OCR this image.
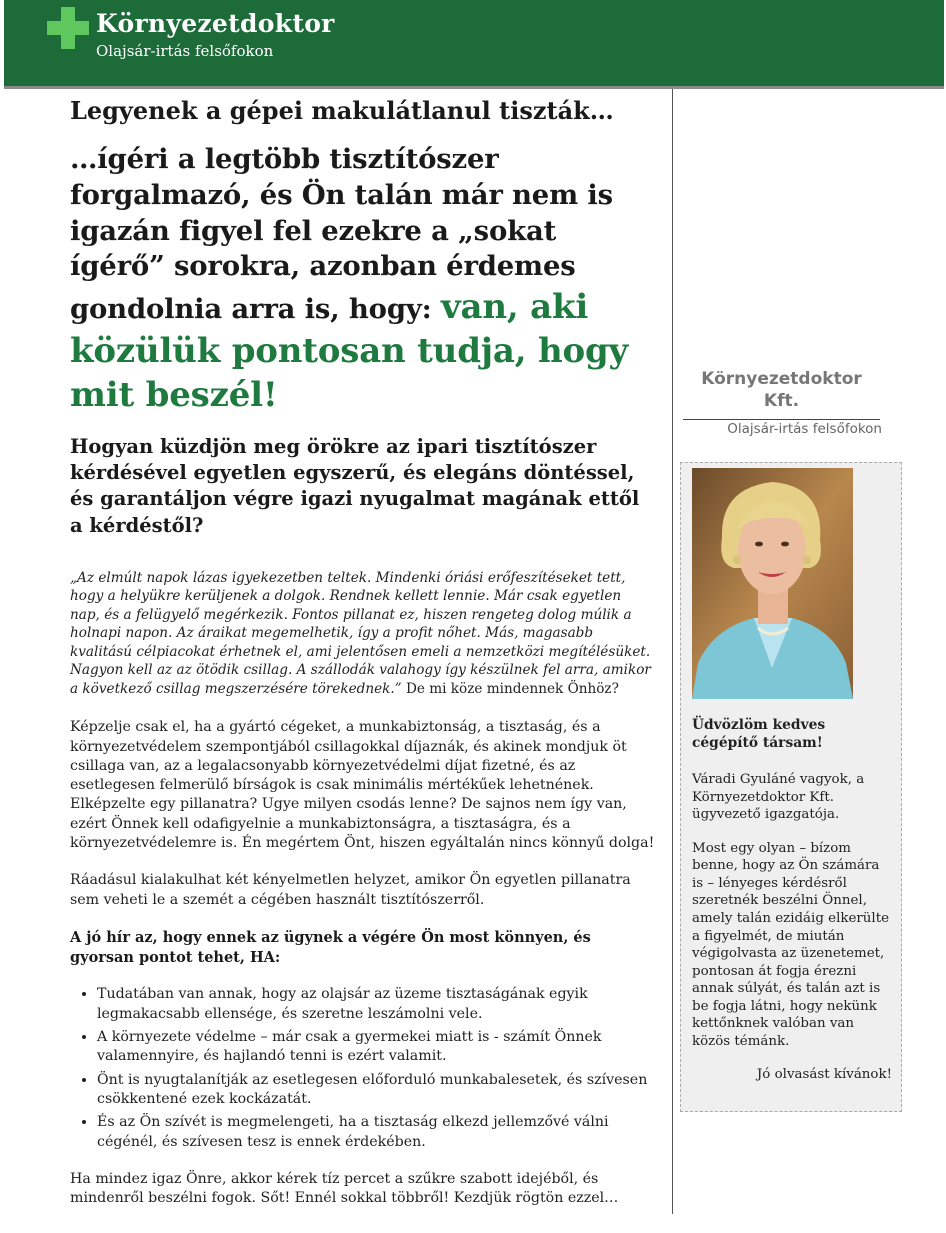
Környezetdoktor
Olajsár-irtás felsőfokon
Legyenek a gépei makulátlanul tiszták…

…ígéri a legtöbb tisztítószer forgalmazó, és Ön talán már nem is igazán figyel fel ezekre a „sokat ígérő” sorokra, azonban érdemes gondolnia arra is, hogy: van, aki közülük pontosan tudja, hogy mit beszél!

Hogyan küzdjön meg örökre az ipari tisztítószer kérdésével egyetlen egyszerű, és elegáns döntéssel, és garantáljon végre igazi nyugalmat magának ettől a kérdéstől?

„Az elmúlt napok lázas igyekezetben teltek. Mindenki óriási erőfeszítéseket tett, hogy a helyükre kerüljenek a dolgok. Rendnek kellett lennie. Már csak egyetlen nap, és a felügyelő megérkezik. Fontos pillanat ez, hiszen rengeteg dolog múlik a holnapi napon. Az áraikat megemelhetik, így a profit nőhet. Más, magasabb kvalitású célpiacokat érhetnek el, ami jelentősen emeli a nemzetközi megítélésüket. Nagyon kell az az ötödik csillag. A szállodák valahogy így készülnek fel arra, amikor a következő csillag megszerzésére törekednek.” De mi köze mindennek Önhöz?

Képzelje csak el, ha a gyártó cégeket, a munkabiztonság, a tisztaság, és a környezetvédelem szempontjából csillagokkal díjaznák, és akinek mondjuk öt csillaga van, az a legalacsonyabb környezetvédelmi díjat fizetné, és az esetlegesen felmerülő bírságok is csak minimális mértékűek lehetnének. Elképzelte egy pillanatra? Ugye milyen csodás lenne? De sajnos nem így van, ezért Önnek kell odafigyelnie a munkabiztonságra, a tisztaságra, és a környezetvédelemre is. Én megértem Önt, hiszen egyáltalán nincs könnyű dolga!

Ráadásul kialakulhat két kényelmetlen helyzet, amikor Ön egyetlen pillanatra sem veheti le a szemét a cégében használt tisztítószerről.

A jó hír az, hogy ennek az ügynek a végére Ön most könnyen, és gyorsan pontot tehet, HA:

• Tudatában van annak, hogy az olajsár az üzeme tisztaságának egyik legmakacsabb ellensége, és szeretne leszámolni vele.
• A környezete védelme – már csak a gyermekei miatt is - számít Önnek valamennyire, és hajlandó tenni is ezért valamit.
• Önt is nyugtalanítják az esetlegesen előforduló munkabalesetek, és szívesen csökkentené ezek kockázatát.
• És az Ön szívét is megmelengeti, ha a tisztaság elkezd jellemzővé válni cégénél, és szívesen tesz is ennek érdekében.

Ha mindez igaz Önre, akkor kérek tíz percet a szűkre szabott idejéből, és mindenről beszélni fogok. Sőt! Ennél sokkal többről! Kezdjük rögtön ezzel…

Környezetdoktor Kft.
Olajsár-irtás felsőfokon

Üdvözlöm kedves cégépítő társam!

Váradi Gyuláné vagyok, a Környezetdoktor Kft. ügyvezető igazgatója.

Most egy olyan – bízom benne, hogy az Ön számára is – lényeges kérdésről szeretnék beszélni Önnel, amely talán ezidáig elkerülte a figyelmét, de miután végigolvasta az üzenetemet, pontosan át fogja érezni annak súlyát, és talán azt is be fogja látni, hogy nekünk kettőnknek valóban van közös témánk.

Jó olvasást kívánok!
